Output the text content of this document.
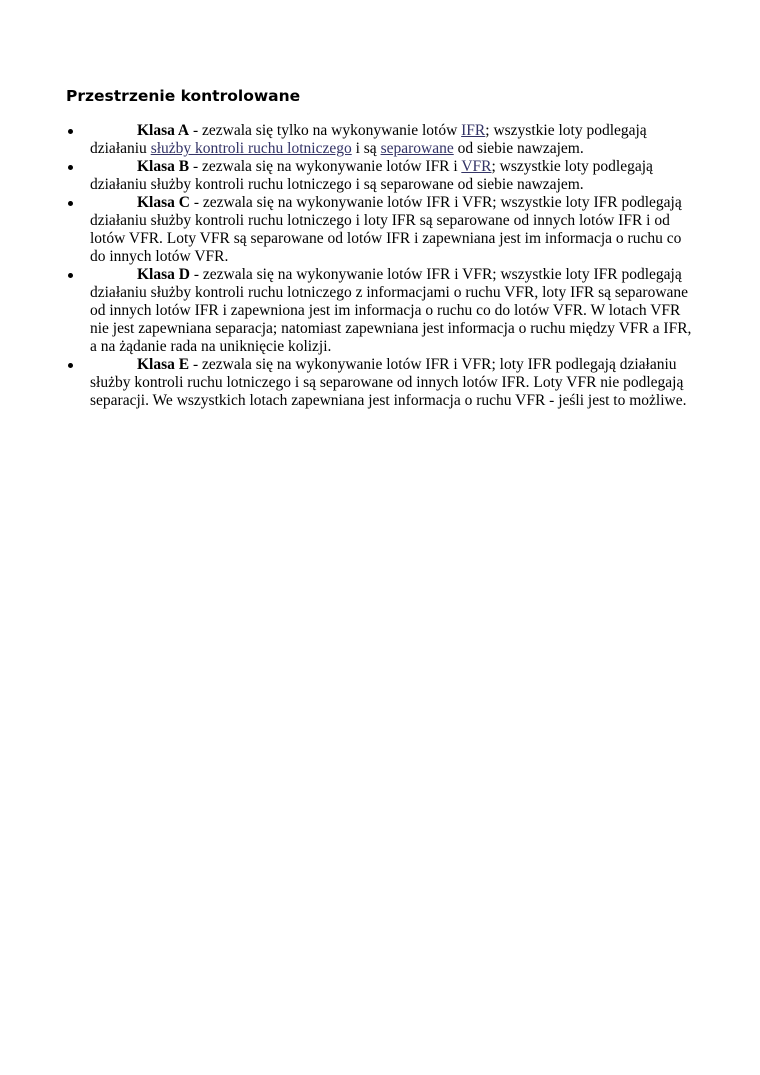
Przestrzenie kontrolowane
Klasa A - zezwala się tylko na wykonywanie lotów IFR; wszystkie loty podlegają działaniu służby kontroli ruchu lotniczego i są separowane od siebie nawzajem.
Klasa B - zezwala się na wykonywanie lotów IFR i VFR; wszystkie loty podlegają działaniu służby kontroli ruchu lotniczego i są separowane od siebie nawzajem.
Klasa C - zezwala się na wykonywanie lotów IFR i VFR; wszystkie loty IFR podlegają działaniu służby kontroli ruchu lotniczego i loty IFR są separowane od innych lotów IFR i od lotów VFR. Loty VFR są separowane od lotów IFR i zapewniana jest im informacja o ruchu co do innych lotów VFR.
Klasa D - zezwala się na wykonywanie lotów IFR i VFR; wszystkie loty IFR podlegają działaniu służby kontroli ruchu lotniczego z informacjami o ruchu VFR, loty IFR są separowane od innych lotów IFR i zapewniona jest im informacja o ruchu co do lotów VFR. W lotach VFR nie jest zapewniana separacja; natomiast zapewniana jest informacja o ruchu między VFR a IFR, a na żądanie rada na uniknięcie kolizji.
Klasa E - zezwala się na wykonywanie lotów IFR i VFR; loty IFR podlegają działaniu służby kontroli ruchu lotniczego i są separowane od innych lotów IFR. Loty VFR nie podlegają separacji. We wszystkich lotach zapewniana jest informacja o ruchu VFR - jeśli jest to możliwe.
